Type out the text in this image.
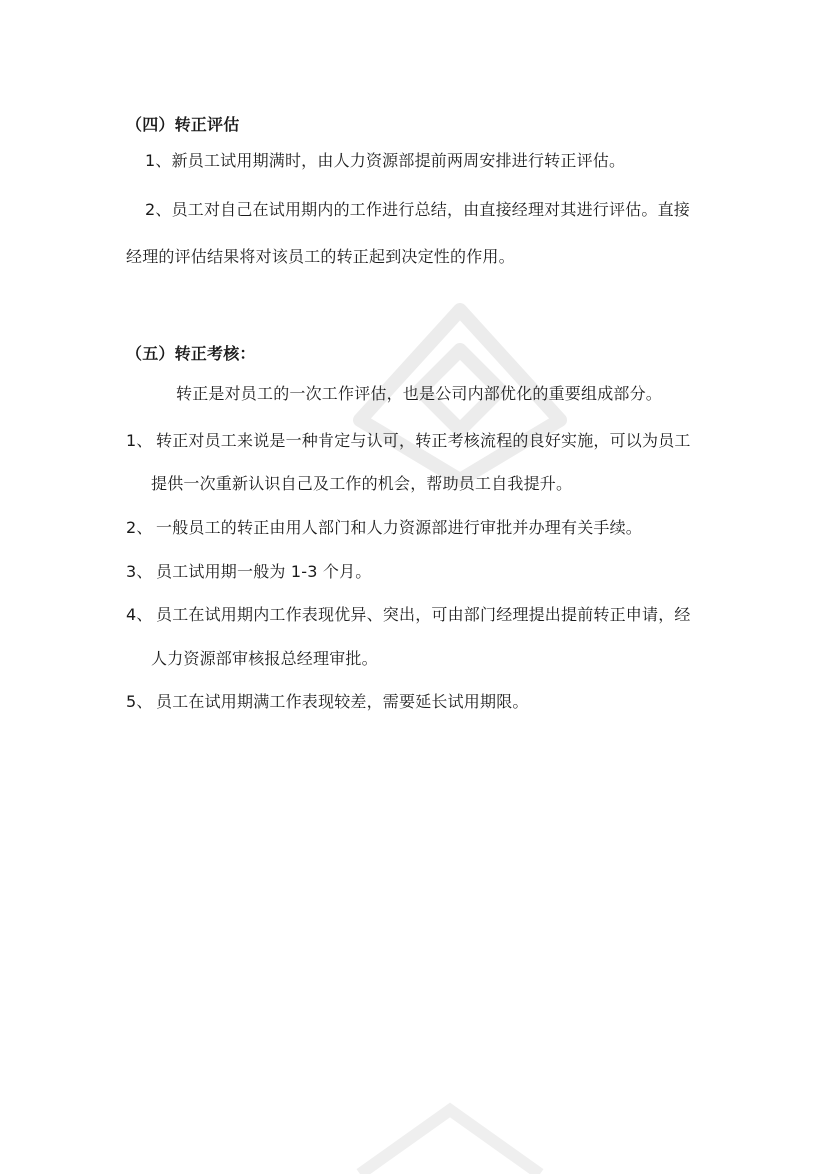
（四）转正评估
1、新员工试用期满时，由人力资源部提前两周安排进行转正评估。
2、员工对自己在试用期内的工作进行总结，由直接经理对其进行评估。直接
经理的评估结果将对该员工的转正起到决定性的作用。
（五）转正考核：
转正是对员工的一次工作评估，也是公司内部优化的重要组成部分。
1、 转正对员工来说是一种肯定与认可，转正考核流程的良好实施，可以为员工
提供一次重新认识自己及工作的机会，帮助员工自我提升。
2、 一般员工的转正由用人部门和人力资源部进行审批并办理有关手续。
3、 员工试用期一般为 1-3 个月。
4、 员工在试用期内工作表现优异、突出，可由部门经理提出提前转正申请，经
人力资源部审核报总经理审批。
5、 员工在试用期满工作表现较差，需要延长试用期限。
